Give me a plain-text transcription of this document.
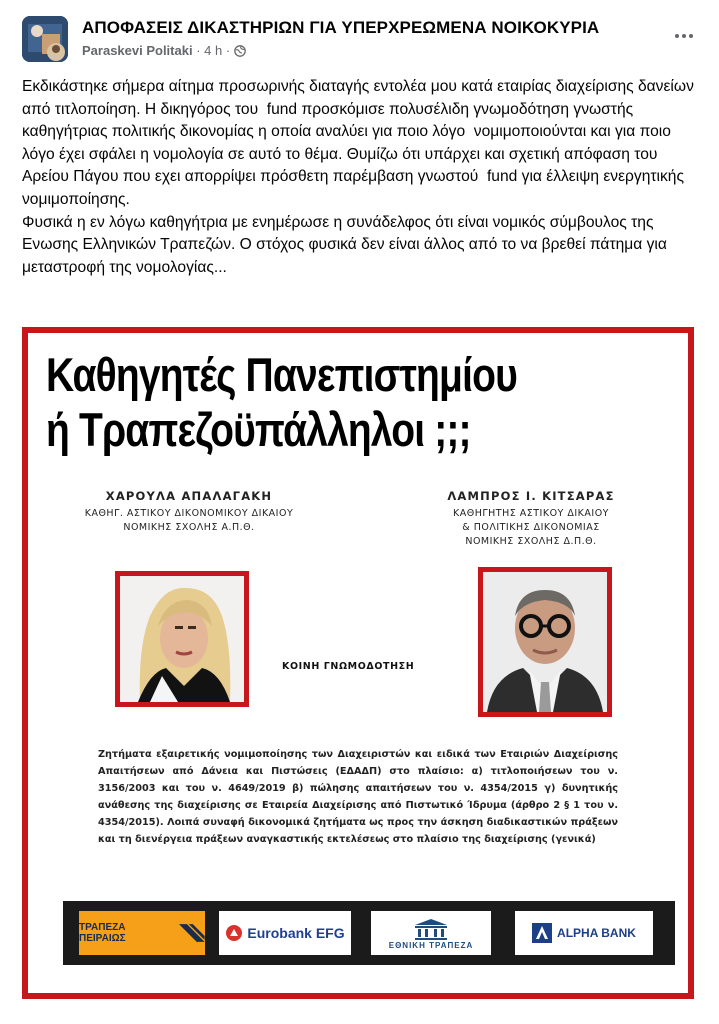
ΑΠΟΦΑΣΕΙΣ ΔΙΚΑΣΤΗΡΙΩΝ ΓΙΑ ΥΠΕΡΧΡΕΩΜΕΝΑ ΝΟΙΚΟΚΥΡΙΑ
Paraskevi Politaki · 4 h ·

Εκδικάστηκε σήμερα αίτημα προσωρινής διαταγής εντολέα μου κατά εταιρίας διαχείρισης δανείων από τιτλοποίηση. Η δικηγόρος του  fund προσκόμισε πολυσέλιδη γνωμοδότηση γνωστής καθηγήτριας πολιτικής δικονομίας η οποία αναλύει για ποιο λόγο  νομιμοποιούνται και για ποιο λόγο έχει σφάλει η νομολογία σε αυτό το θέμα. Θυμίζω ότι υπάρχει και σχετική απόφαση του Αρείου Πάγου που εχει απορρίψει πρόσθετη παρέμβαση γνωστού  fund για έλλειψη ενεργητικής νομιμοποίησης.

Φυσικά η εν λόγω καθηγήτρια με ενημέρωσε η συνάδελφος ότι είναι νομικός σύμβουλος της Ενωσης Ελληνικών Τραπεζών. Ο στόχος φυσικά δεν είναι άλλος από το να βρεθεί πάτημα για μεταστροφή της νομολογίας...

Καθηγητές Πανεπιστημίου
ή Τραπεζοϋπάλληλοι ;;;
ΧΑΡΟΥΛΑ ΑΠΑΛΑΓΑΚΗ
ΚΑΘΗΓ. ΑΣΤΙΚΟΥ ΔΙΚΟΝΟΜΙΚΟΥ ΔΙΚΑΙΟΥ
ΝΟΜΙΚΗΣ ΣΧΟΛΗΣ Α.Π.Θ.
ΛΑΜΠΡΟΣ Ι. ΚΙΤΣΑΡΑΣ
ΚΑΘΗΓΗΤΗΣ ΑΣΤΙΚΟΥ ΔΙΚΑΙΟΥ
& ΠΟΛΙΤΙΚΗΣ ΔΙΚΟΝΟΜΙΑΣ
ΝΟΜΙΚΗΣ ΣΧΟΛΗΣ Δ.Π.Θ.
ΚΟΙΝΗ ΓΝΩΜΟΔΟΤΗΣΗ
Ζητήματα εξαιρετικής νομιμοποίησης των Διαχειριστών και ειδικά των Εταιριών Διαχείρισης Απαιτήσεων από Δάνεια και Πιστώσεις (ΕΔΑΔΠ) στο πλαίσιο: α) τιτλοποιήσεων του ν. 3156/2003 και του ν. 4649/2019 β) πώλησης απαιτήσεων του ν. 4354/2015 γ) δυνητικής ανάθεσης της διαχείρισης σε Εταιρεία Διαχείρισης από Πιστωτικό Ίδρυμα (άρθρο 2 § 1 του ν. 4354/2015). Λοιπά συναφή δικονομικά ζητήματα ως προς την άσκηση διαδικαστικών πράξεων και τη διενέργεια πράξεων αναγκαστικής εκτελέσεως στο πλαίσιο της διαχείρισης (γενικά)
ΤΡΑΠΕΖΑ ΠΕΙΡΑΙΩΣ	Eurobank EFG
ΕΘΝΙΚΗ ΤΡΑΠΕΖΑ
ALPHA BANK
